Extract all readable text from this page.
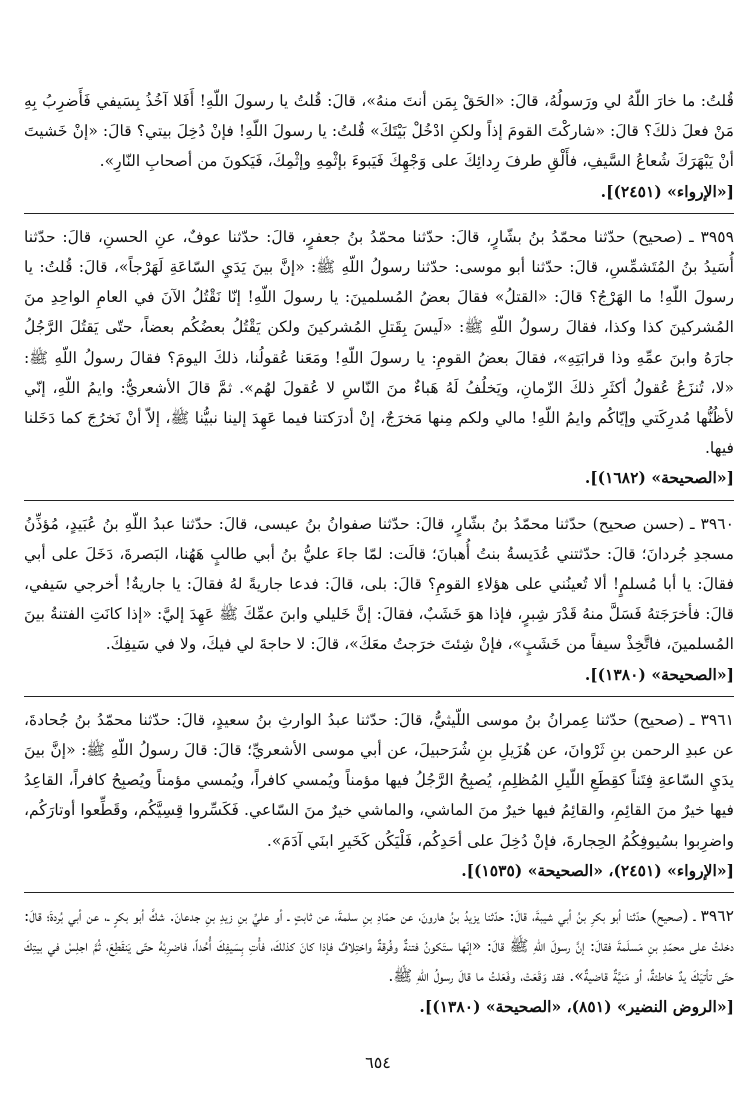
قُلتُ: ما خارَ اللّهُ لي ورَسولُهُ، قالَ: «الحَقْ بِمَن أنتَ منهُ»، قالَ: قُلتُ يا رسولَ اللّهِ! أَفَلا آخُذُ بِسَيفي فَأَضرِبُ بِهِ مَنْ فعلَ ذلكَ؟ قالَ: «شاركْتَ القومَ إذاً ولكنِ ادْخُلْ بَيْتَكَ» قُلتُ: يا رسولَ اللّهِ! فإنْ دُخِلَ بيتي؟ قالَ: «إنْ خَشيتَ أنْ يَبْهَرَكَ شُعاعُ السَّيفِ، فأَلْقِ طرفَ رِدائِكَ على وَجْهِكَ فَيَبوءَ بإثْمِهِ وإثْمِكَ، فَيَكونَ من أصحابِ النّارِ».

[«الإرواء» (٢٤٥١)].

٣٩٥٩ ـ (صحيح) حدّثنا محمّدُ بنُ بشّارٍ، قالَ: حدّثنا محمّدُ بنُ جعفرٍ، قالَ: حدّثنا عوفٌ، عنِ الحسنِ، قالَ: حدّثنا أُسَيدُ بنُ المُتَشمِّسِ، قالَ: حدّثنا أبو موسى: حدّثنا رسولُ اللّهِ ﷺ: «إنَّ بينَ يَدَيِ السّاعَةِ لَهَرْجاً»، قالَ: قُلتُ: يا رسولَ اللّهِ! ما الهَرْجُ؟ قالَ: «القتلُ» فقالَ بعضُ المُسلمينَ: يا رسولَ اللّهِ! إنّا نَقْتُلُ الآنَ في العامِ الواحِدِ منَ المُشركينَ كذا وكذا، فقالَ رسولُ اللّهِ ﷺ: «لَيسَ بِقَتلِ المُشركينَ ولكن يَقْتُلُ بعضُكُم بعضاً، حتّى يَقتُلَ الرَّجُلُ جارَهُ وابنَ عمِّهِ وذا قرابَتِهِ»، فقالَ بعضُ القومِ: يا رسولَ اللّهِ! ومَعَنا عُقولُنا، ذلكَ اليومَ؟ فقالَ رسولُ اللّهِ ﷺ: «لا، تُنزَعُ عُقولُ أكثَرِ ذلكَ الزّمانِ، ويَخلُفُ لَهُ هَباءٌ منَ النّاسِ لا عُقولَ لهُم». ثمَّ قالَ الأشعريُّ: وايمُ اللّهِ، إنّي لأظُنُّها مُدرِكَتي وإيّاكُم وايمُ اللّهِ! مالي ولكم مِنها مَخرَجٌ، إنْ أدرَكتنا فيما عَهِدَ إلينا نبيُّنا ﷺ، إلاّ أنْ نَخرُجَ كما دَخَلنا فيها.

[«الصحيحة» (١٦٨٢)].

٣٩٦٠ ـ (حسن صحيح) حدّثنا محمّدُ بنُ بشّارٍ، قالَ: حدّثنا صفوانُ بنُ عيسى، قالَ: حدّثنا عبدُ اللّهِ بنُ عُبَيدٍ، مُؤذِّنُ مسجدِ جُردانَ؛ قالَ: حدّثتني عُدَيسةُ بنتُ أُهبانَ؛ قالَت: لمّا جاءَ عليُّ بنُ أبي طالبٍ هَهُنا، البَصرةَ، دَخَلَ على أبي فقالَ: يا أبا مُسلمٍ! ألا تُعينُني على هؤلاءِ القومِ؟ قالَ: بلى، قالَ: فدعا جاريةً لهُ فقالَ: يا جاريةُ! أخرجي سَيفي، قالَ: فأخرَجَتهُ فَسَلَّ منهُ قَدْرَ شِبرٍ، فإذا هوَ خَشَبٌ، فقالَ: إنَّ خَليلي وابنَ عمِّكَ ﷺ عَهِدَ إليَّ: «إذا كانَتِ الفتنةُ بينَ المُسلمينَ، فاتَّخِذْ سيفاً من خَشَبٍ»، فإنْ شِئتَ خرَجتُ معَكَ»، قالَ: لا حاجةَ لي فيكَ، ولا في سَيفِكَ.

[«الصحيحة» (١٣٨٠)].

٣٩٦١ ـ (صحيح) حدّثنا عِمرانُ بنُ موسى اللّيثيُّ، قالَ: حدّثنا عبدُ الوارثِ بنُ سعيدٍ، قالَ: حدّثنا محمّدُ بنُ جُحادةَ، عن عبدِ الرحمن بنِ ثَرْوانَ، عن هُزَيلِ بنِ شُرَحبيلَ، عن أبي موسى الأشعريِّ؛ قالَ: قالَ رسولُ اللّهِ ﷺ: «إنَّ بينَ يدَيِ السّاعةِ فِتَناً كقِطَعِ اللّيلِ المُظلِمِ، يُصبِحُ الرَّجُلُ فيها مؤمناً ويُمسي كافراً، ويُمسي مؤمناً ويُصبِحُ كافراً، القاعِدُ فيها خيرٌ منَ القائِمِ، والقائِمُ فيها خيرٌ منَ الماشي، والماشي خيرٌ منَ السّاعي. فَكَسِّروا قِسِيَّكُم، وقَطِّعوا أوتارَكُم، واضرِبوا بسُيوفِكُمُ الحِجارةَ، فإنْ دُخِلَ على أحَدِكُم، فَلْيَكُن كَخَيرِ ابنَي آدَمَ».

[«الإرواء» (٢٤٥١)، «الصحيحة» (١٥٣٥)].

٣٩٦٢ ـ (صحيح) حدّثنا أبو بكرِ بنُ أبي شيبةَ، قالَ: حدّثنا يزيدُ بنُ هارونَ، عن حمّادِ بنِ سلمةَ، عن ثابتٍ ـ أو عليِّ بنِ زيدِ بنِ جدعانَ. شكَّ أبو بكرٍ ـ، عن أبي بُردةَ؛ قالَ: دخلتُ على محمّدِ بنِ مَسلَمةَ فقالَ: إنَّ رسولَ اللّهِ ﷺ قالَ: «إنّها ستَكونُ فتنةٌ وفُرقةٌ واختِلافٌ فإذا كانَ كذلكَ، فأْتِ بِسَيفِكَ أُحُداً، فاضرِبْهُ حتّى يَنقَطِعَ، ثُمَّ اجلِسْ في بيتِكَ حتّى تأتيَكَ يدٌ خاطئةٌ، أو مَنيَّةٌ قاضيةٌ». فقد وَقَعَتْ، وفَعَلتُ ما قالَ رسولُ اللّهِ ﷺ.

[«الروض النضير» (٨٥١)، «الصحيحة» (١٣٨٠)].

٦٥٤
